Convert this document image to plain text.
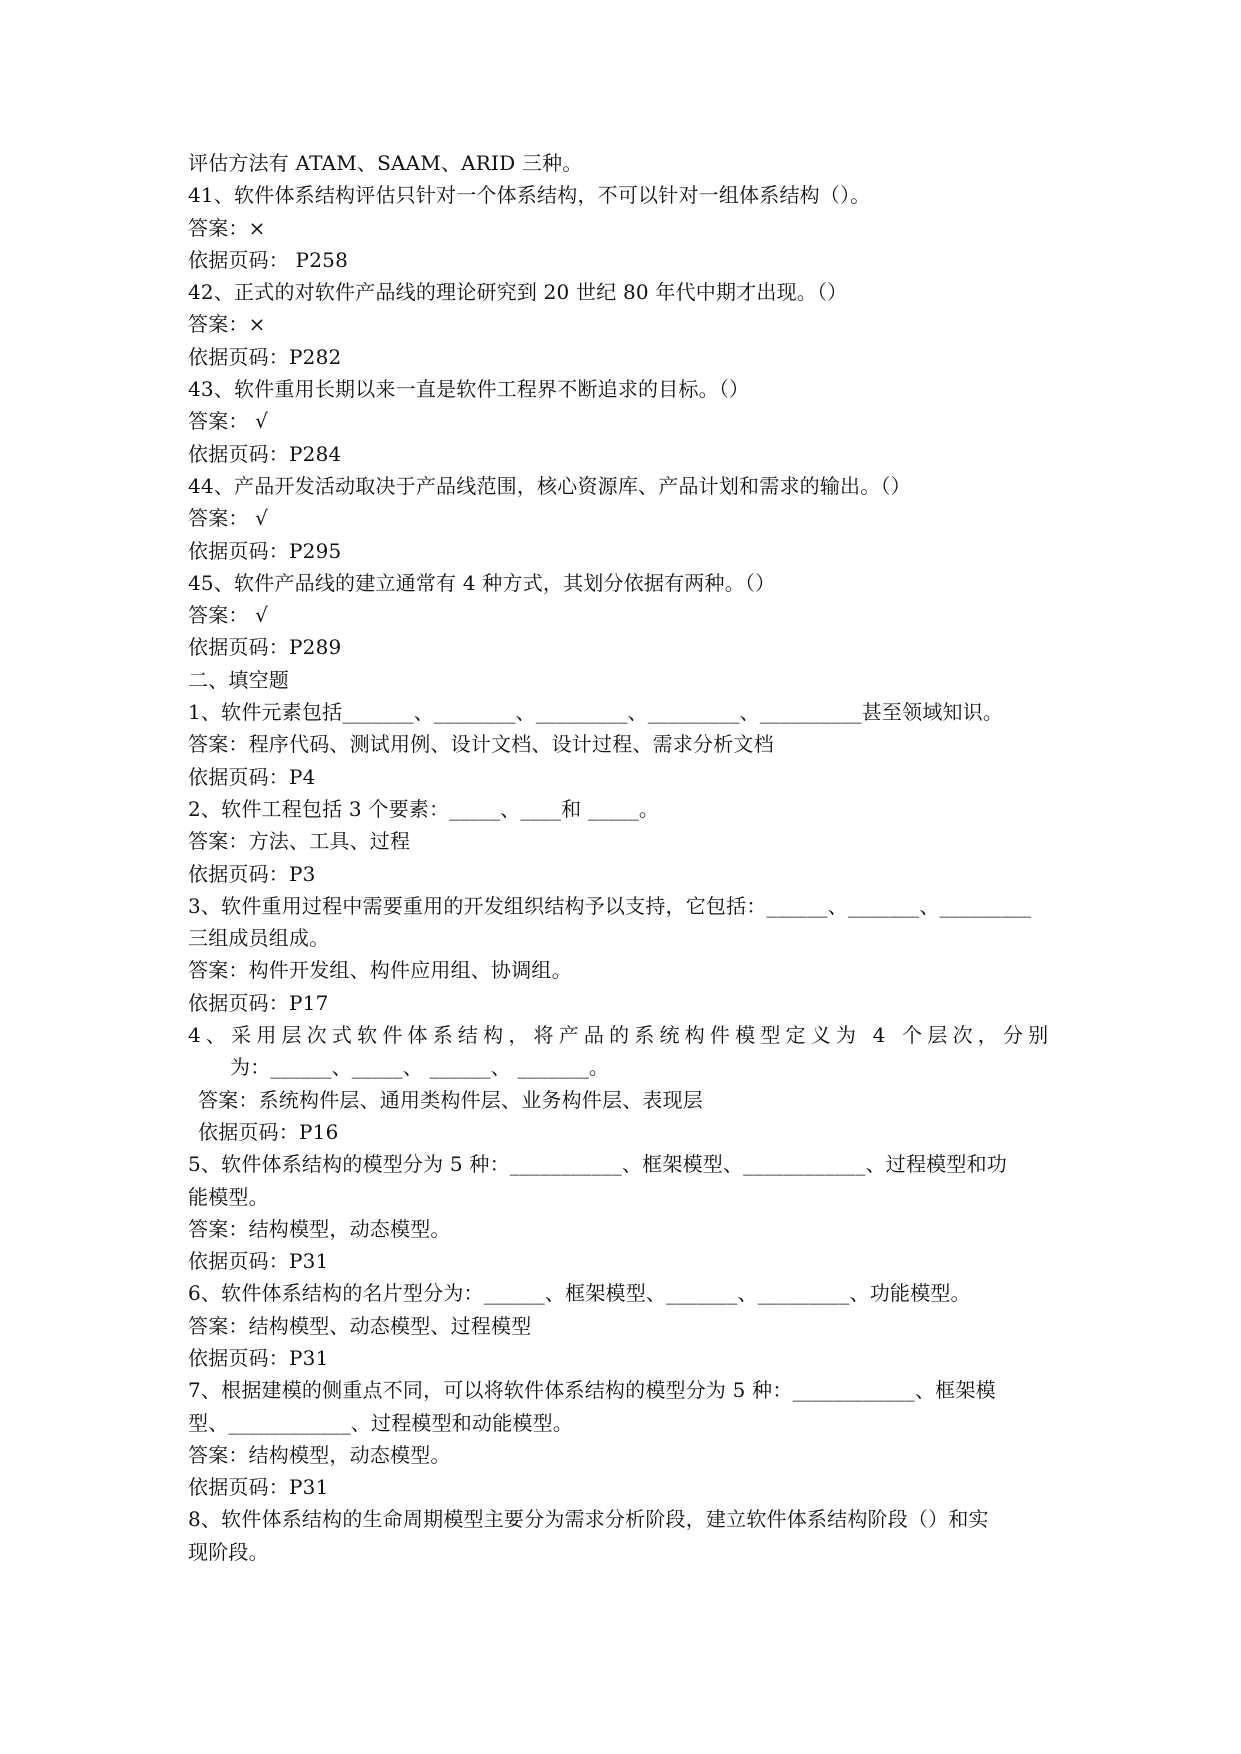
评估方法有 ATAM、SAAM、ARID 三种。
41、软件体系结构评估只针对一个体系结构，不可以针对一组体系结构（）。
答案：×
依据页码： P258
42、正式的对软件产品线的理论研究到 20 世纪 80 年代中期才出现。（）
答案：×
依据页码：P282
43、软件重用长期以来一直是软件工程界不断追求的目标。（）
答案： √
依据页码：P284
44、产品开发活动取决于产品线范围，核心资源库、产品计划和需求的输出。（）
答案： √
依据页码：P295
45、软件产品线的建立通常有 4 种方式，其划分依据有两种。（）
答案： √
依据页码：P289
二、填空题
1、软件元素包括_______、________、_________、_________、__________甚至领域知识。
答案：程序代码、测试用例、设计文档、设计过程、需求分析文档
依据页码：P4
2、软件工程包括 3 个要素：_____、____和 _____。
答案：方法、工具、过程
依据页码：P3
3、软件重用过程中需要重用的开发组织结构予以支持，它包括：______、_______、_________
三组成员组成。
答案：构件开发组、构件应用组、协调组。
依据页码：P17
4、采用层次式软件体系结构，将产品的系统构件模型定义为 4 个层次，分别
为：______、_____、 ______、 _______。
答案：系统构件层、通用类构件层、业务构件层、表现层
依据页码：P16
5、软件体系结构的模型分为 5 种：___________、框架模型、____________、过程模型和功
能模型。
答案：结构模型，动态模型。
依据页码：P31
6、软件体系结构的名片型分为：______、框架模型、_______、_________、功能模型。
答案：结构模型、动态模型、过程模型
依据页码：P31
7、根据建模的侧重点不同，可以将软件体系结构的模型分为 5 种：____________、框架模
型、____________、过程模型和动能模型。
答案：结构模型，动态模型。
依据页码：P31
8、软件体系结构的生命周期模型主要分为需求分析阶段，建立软件体系结构阶段（）和实
现阶段。
